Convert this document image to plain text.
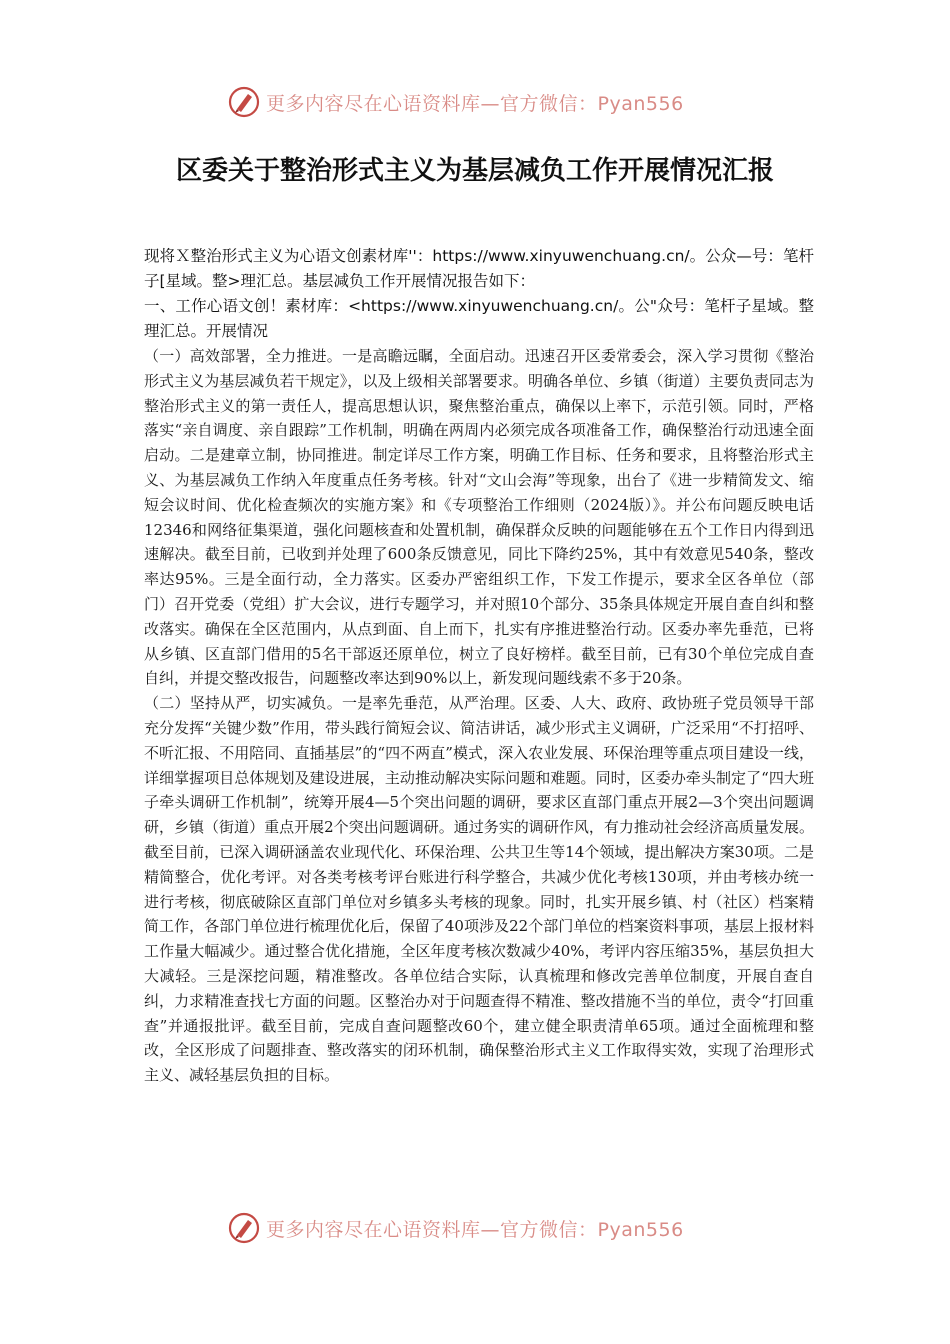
更多内容尽在心语资料库—官方微信：Pyan556
区委关于整治形式主义为基层减负工作开展情况汇报

现将Ｘ整治形式主义为心语文创素材库''：https://www.xinyuwenchuang.cn/。公众—号：笔杆子[星域。整>理汇总。基层减负工作开展情况报告如下：

一、工作心语文创！素材库：<https://www.xinyuwenchuang.cn/。公"众号：笔杆子星域。整理汇总。开展情况

（一）高效部署，全力推进。一是高瞻远瞩，全面启动。迅速召开区委常委会，深入学习贯彻《整治形式主义为基层减负若干规定》，以及上级相关部署要求。明确各单位、乡镇（街道）主要负责同志为整治形式主义的第一责任人，提高思想认识，聚焦整治重点，确保以上率下，示范引领。同时，严格落实“亲自调度、亲自跟踪”工作机制，明确在两周内必须完成各项准备工作，确保整治行动迅速全面启动。二是建章立制，协同推进。制定详尽工作方案，明确工作目标、任务和要求，且将整治形式主义、为基层减负工作纳入年度重点任务考核。针对“文山会海”等现象，出台了《进一步精简发文、缩短会议时间、优化检查频次的实施方案》和《专项整治工作细则（2024版）》。并公布问题反映电话12346和网络征集渠道，强化问题核查和处置机制，确保群众反映的问题能够在五个工作日内得到迅速解决。截至目前，已收到并处理了600条反馈意见，同比下降约25%，其中有效意见540条，整改率达95%。三是全面行动，全力落实。区委办严密组织工作，下发工作提示，要求全区各单位（部门）召开党委（党组）扩大会议，进行专题学习，并对照10个部分、35条具体规定开展自查自纠和整改落实。确保在全区范围内，从点到面、自上而下，扎实有序推进整治行动。区委办率先垂范，已将从乡镇、区直部门借用的5名干部返还原单位，树立了良好榜样。截至目前，已有30个单位完成自查自纠，并提交整改报告，问题整改率达到90%以上，新发现问题线索不多于20条。

（二）坚持从严，切实减负。一是率先垂范，从严治理。区委、人大、政府、政协班子党员领导干部充分发挥“关键少数”作用，带头践行简短会议、简洁讲话，减少形式主义调研，广泛采用“不打招呼、不听汇报、不用陪同、直插基层”的“四不两直”模式，深入农业发展、环保治理等重点项目建设一线，详细掌握项目总体规划及建设进展，主动推动解决实际问题和难题。同时，区委办牵头制定了“四大班子牵头调研工作机制”，统筹开展4—5个突出问题的调研，要求区直部门重点开展2—3个突出问题调研，乡镇（街道）重点开展2个突出问题调研。通过务实的调研作风，有力推动社会经济高质量发展。截至目前，已深入调研涵盖农业现代化、环保治理、公共卫生等14个领域，提出解决方案30项。二是精简整合，优化考评。对各类考核考评台账进行科学整合，共减少优化考核130项，并由考核办统一进行考核，彻底破除区直部门单位对乡镇多头考核的现象。同时，扎实开展乡镇、村（社区）档案精简工作，各部门单位进行梳理优化后，保留了40项涉及22个部门单位的档案资料事项，基层上报材料工作量大幅减少。通过整合优化措施，全区年度考核次数减少40%，考评内容压缩35%，基层负担大大减轻。三是深挖问题，精准整改。各单位结合实际，认真梳理和修改完善单位制度，开展自查自纠，力求精准查找七方面的问题。区整治办对于问题查得不精准、整改措施不当的单位，责令“打回重查”并通报批评。截至目前，完成自查问题整改60个，建立健全职责清单65项。通过全面梳理和整改，全区形成了问题排查、整改落实的闭环机制，确保整治形式主义工作取得实效，实现了治理形式主义、减轻基层负担的目标。

更多内容尽在心语资料库—官方微信：Pyan556
